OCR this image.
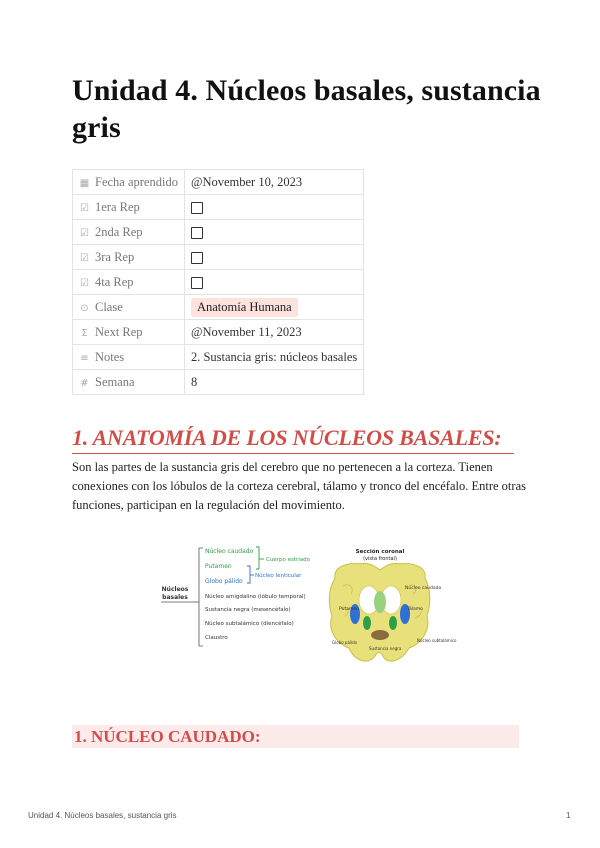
Unidad 4. Núcleos basales, sustancia gris
▦ Fecha aprendido	@November 10, 2023
☑ 1era Rep	
☑ 2nda Rep	
☑ 3ra Rep	
☑ 4ta Rep	
⊙ Clase	Anatomía Humana
Σ Next Rep	@November 11, 2023
≡ Notes	2. Sustancia gris: núcleos basales
# Semana	8
1. ANATOMÍA DE LOS NÚCLEOS BASALES:

Son las partes de la sustancia gris del cerebro que no pertenecen a la corteza. Tienen conexiones con los lóbulos de la corteza cerebral, tálamo y tronco del encéfalo. Entre otras funciones, participan en la regulación del movimiento.

Núcleos
basales
Núcleo caudado
Putamen
Globo pálido
Núcleo amigdalino (lóbulo temporal)
Sustancia negra (mesencéfalo)
Núcleo subtalámico (diencéfalo)
Claustro
Cuerpo estriado
Núcleo lenticular
Sección coronal
(vista frontal)
Núcleo caudado
Tálamo
Putamen
Núcleo subtalámico
Sustancia negra
Globo pálido
1. NÚCLEO CAUDADO:
Unidad 4. Núcleos basales, sustancia gris	1
